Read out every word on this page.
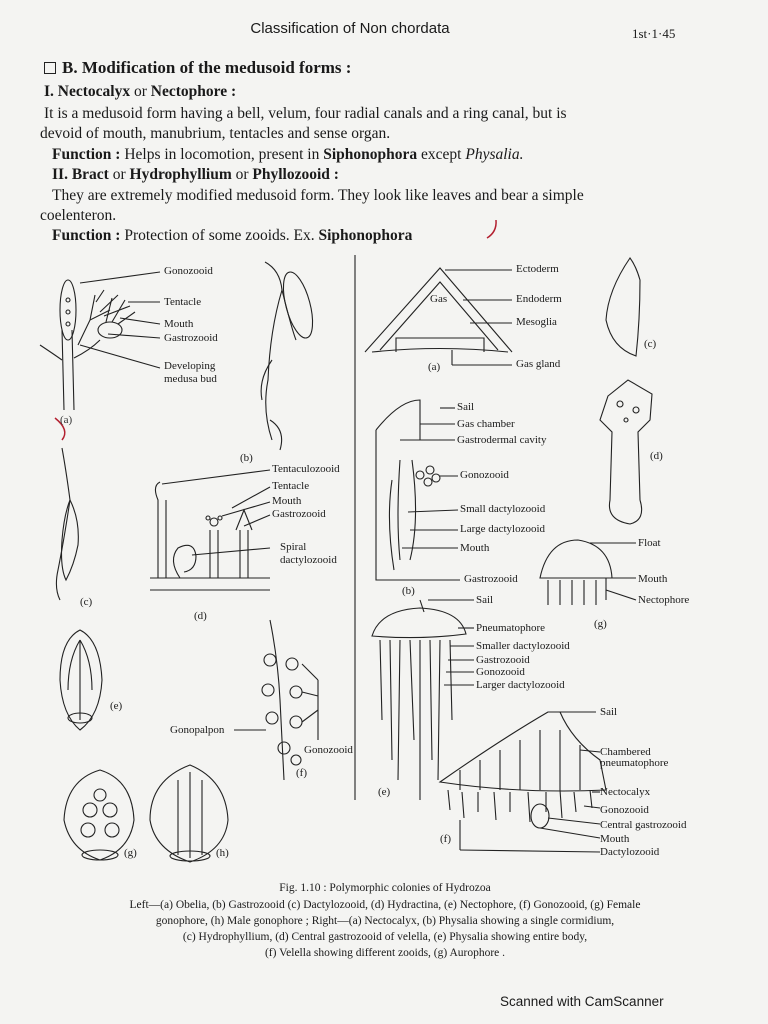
Classification of Non chordata	1st·1·45
B. Modification of the medusoid forms :
I. Nectocalyx or Nectophore :
It is a medusoid form having a bell, velum, four radial canals and a ring canal, but is
devoid of mouth, manubrium, tentacles and sense organ.
Function : Helps in locomotion, present in Siphonophora except Physalia.
II. Bract or Hydrophyllium or Phyllozooid :
They are extremely modified medusoid form. They look like leaves and bear a simple
coelenteron.
Function : Protection of some zooids. Ex. Siphonophora
Gonozooid
Tentacle
Mouth
Gastrozooid
Developing
medusa bud
(a)
(b)
(c)
(d)
Tentaculozooid
Tentacle
Mouth
Gastrozooid
Spiral
dactylozooid
(e)
Gonopalpon
Gonozooid
(f)
(g)	(h)
Ectoderm
Gas	Endoderm
Mesoglia
(a)	Gas gland
(c)
(d)
Sail
Gas chamber
Gastrodermal cavity
Gonozooid
Small dactylozooid
Large dactylozooid
Mouth
Gastrozooid
(b)
Float
Mouth
Nectophore
(g)
Sail
Pneumatophore
Smaller dactylozooid
Gastrozooid
Gonozooid
Larger dactylozooid
(e)
Sail
Chambered
pneumatophore
Nectocalyx
Gonozooid
Central gastrozooid
Mouth
Dactylozooid
(f)
Fig. 1.10 : Polymorphic colonies of Hydrozoa
Left—(a) Obelia, (b) Gastrozooid (c) Dactylozooid, (d) Hydractina, (e) Nectophore, (f) Gonozooid, (g) Female
gonophore, (h) Male gonophore ; Right—(a) Nectocalyx, (b) Physalia showing a single cormidium,
(c) Hydrophyllium, (d) Central gastrozooid of velella, (e) Physalia showing entire body,
(f) Velella showing different zooids, (g) Aurophore .
Scanned with CamScanner
